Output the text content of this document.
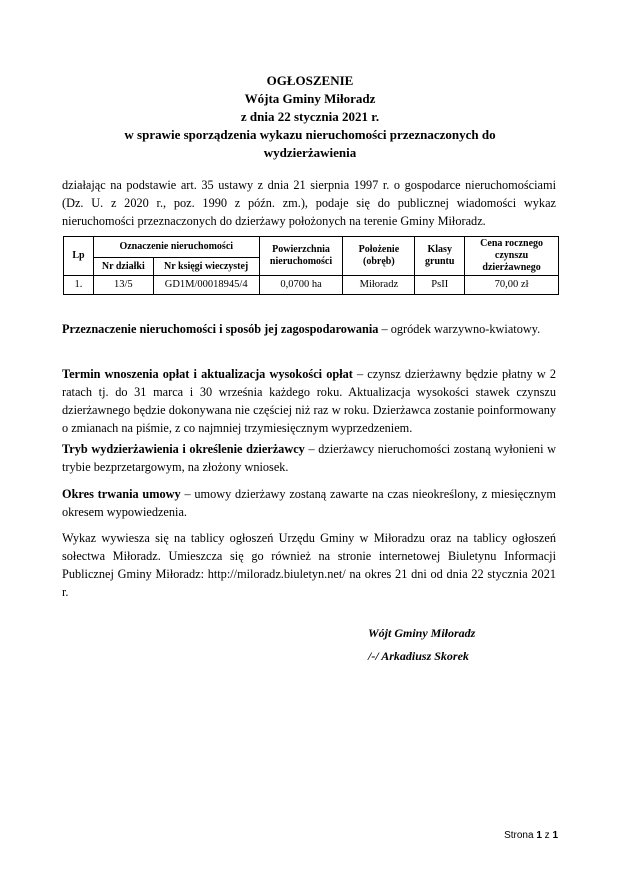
OGŁOSZENIE
Wójta Gminy Miłoradz
z dnia 22 stycznia 2021 r.
w sprawie sporządzenia wykazu nieruchomości przeznaczonych do
wydzierżawienia
działając na podstawie art. 35 ustawy z dnia 21 sierpnia 1997 r. o gospodarce nieruchomościami (Dz. U. z 2020 r., poz. 1990 z późn. zm.), podaje się do publicznej wiadomości wykaz nieruchomości przeznaczonych do dzierżawy położonych na terenie Gminy Miłoradz.
Lp	Oznaczenie nieruchomości		Powierzchnia nieruchomości	Położenie (obręb)	Klasy gruntu	Cena rocznego czynszu dzierżawnego
	Nr działki	Nr księgi wieczystej				
1.	13/5	GD1M/00018945/4	0,0700 ha	Miłoradz	PsII	70,00 zł
Przeznaczenie nieruchomości i sposób jej zagospodarowania – ogródek warzywno-kwiatowy.
Termin wnoszenia opłat i aktualizacja wysokości opłat – czynsz dzierżawny będzie płatny w 2 ratach tj. do 31 marca i 30 września każdego roku. Aktualizacja wysokości stawek czynszu dzierżawnego będzie dokonywana nie częściej niż raz w roku. Dzierżawca zostanie poinformowany o zmianach na piśmie, z co najmniej trzymiesięcznym wyprzedzeniem.
Tryb wydzierżawienia i określenie dzierżawcy – dzierżawcy nieruchomości zostaną wyłonieni w trybie bezprzetargowym, na złożony wniosek.
Okres trwania umowy – umowy dzierżawy zostaną zawarte na czas nieokreślony, z miesięcznym okresem wypowiedzenia.
Wykaz wywiesza się na tablicy ogłoszeń Urzędu Gminy w Miłoradzu oraz na tablicy ogłoszeń sołectwa Miłoradz. Umieszcza się go również na stronie internetowej Biuletynu Informacji Publicznej Gminy Miłoradz: http://miloradz.biuletyn.net/ na okres 21 dni od dnia 22 stycznia 2021 r.
Wójt Gminy Miłoradz
/-/ Arkadiusz Skorek
Strona 1 z 1
